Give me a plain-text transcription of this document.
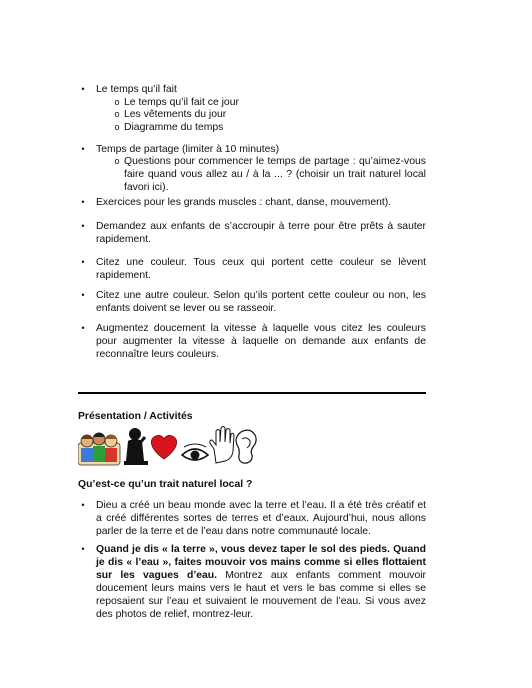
•	Le temps qu’il fait
o Le temps qu’il fait ce jour
o Les vêtements du jour
o Diagramme du temps
•	Temps de partage (limiter à 10 minutes)
o Questions pour commencer le temps de partage : qu’aimez-vous faire quand vous allez au / à la ... ? (choisir un trait naturel local favori ici).
•	Exercices pour les grands muscles : chant, danse, mouvement).
•	Demandez aux enfants de s’accroupir à terre pour être prêts à sauter rapidement.
•	Citez une couleur. Tous ceux qui portent cette couleur se lèvent rapidement.
•	Citez une autre couleur. Selon qu’ils portent cette couleur ou non, les enfants doivent se lever ou se rasseoir.
•	Augmentez doucement la vitesse à laquelle vous citez les couleurs pour augmenter la vitesse à laquelle on demande aux enfants de reconnaître leurs couleurs.
Présentation / Activités
Qu’est-ce qu’un trait naturel local ?
•	Dieu a créé un beau monde avec la terre et l’eau. Il a été très créatif et a créé différentes sortes de terres et d’eaux. Aujourd’hui, nous allons parler de la terre et de l’eau dans notre communauté locale.
•	Quand je dis « la terre », vous devez taper le sol des pieds. Quand je dis « l’eau », faites mouvoir vos mains comme si elles flottaient sur les vagues d’eau. Montrez aux enfants comment mouvoir doucement leurs mains vers le haut et vers le bas comme si elles se reposaient sur l’eau et suivaient le mouvement de l’eau. Si vous avez des photos de relief, montrez-leur.
